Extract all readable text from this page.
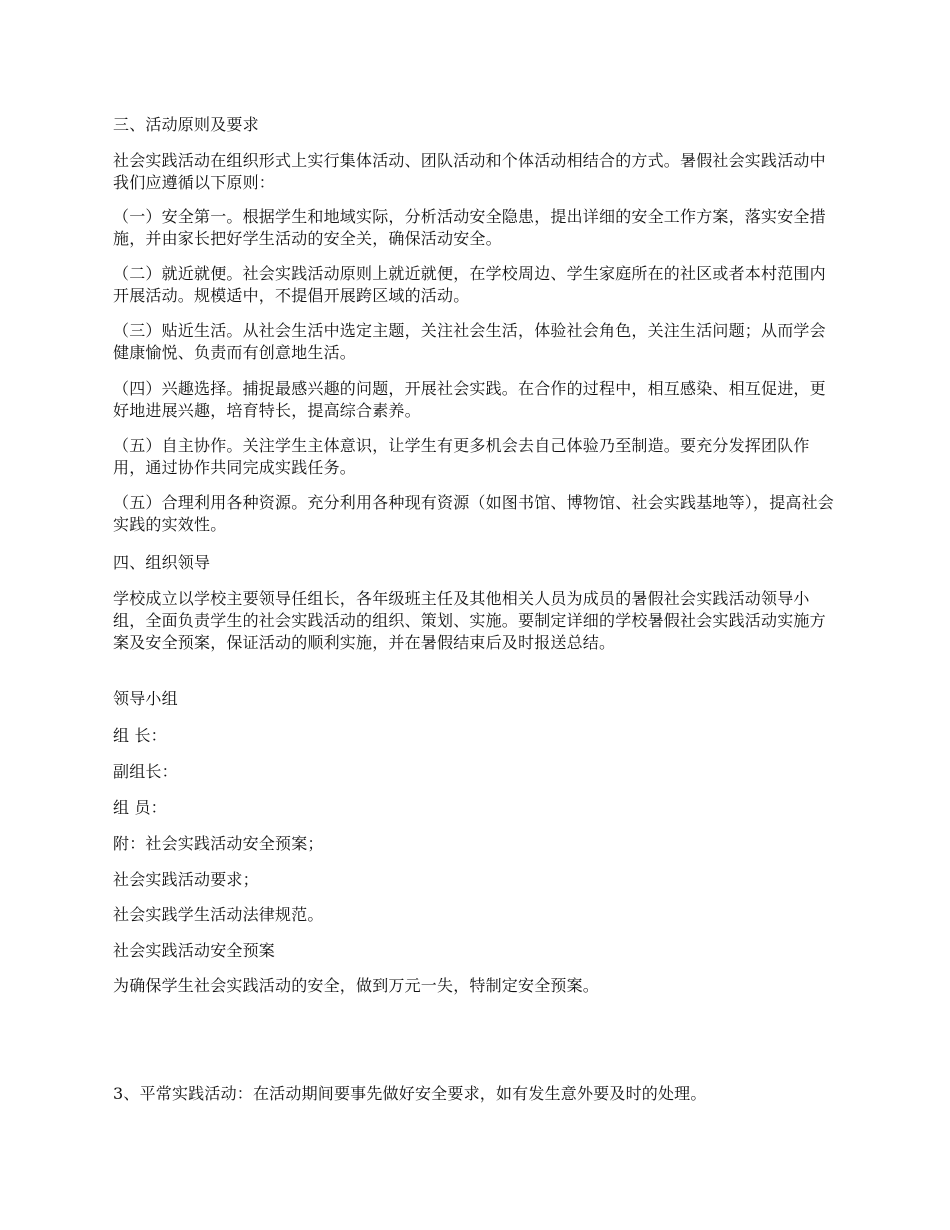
三、活动原则及要求

社会实践活动在组织形式上实行集体活动、团队活动和个体活动相结合的方式。暑假社会实践活动中我们应遵循以下原则：

（一）安全第一。根据学生和地域实际，分析活动安全隐患，提出详细的安全工作方案，落实安全措施，并由家长把好学生活动的安全关，确保活动安全。

（二）就近就便。社会实践活动原则上就近就便，在学校周边、学生家庭所在的社区或者本村范围内开展活动。规模适中，不提倡开展跨区域的活动。

（三）贴近生活。从社会生活中选定主题，关注社会生活，体验社会角色，关注生活问题；从而学会健康愉悦、负责而有创意地生活。

（四）兴趣选择。捕捉最感兴趣的问题，开展社会实践。在合作的过程中，相互感染、相互促进，更好地进展兴趣，培育特长，提高综合素养。

（五）自主协作。关注学生主体意识，让学生有更多机会去自己体验乃至制造。要充分发挥团队作用，通过协作共同完成实践任务。

（五）合理利用各种资源。充分利用各种现有资源（如图书馆、博物馆、社会实践基地等），提高社会实践的实效性。

四、组织领导

学校成立以学校主要领导任组长，各年级班主任及其他相关人员为成员的暑假社会实践活动领导小组，全面负责学生的社会实践活动的组织、策划、实施。要制定详细的学校暑假社会实践活动实施方案及安全预案，保证活动的顺利实施，并在暑假结束后及时报送总结。

领导小组

组 长：

副组长：

组 员：

附：社会实践活动安全预案；

社会实践活动要求；

社会实践学生活动法律规范。

社会实践活动安全预案

为确保学生社会实践活动的安全，做到万元一失，特制定安全预案。

3、平常实践活动：在活动期间要事先做好安全要求，如有发生意外要及时的处理。
